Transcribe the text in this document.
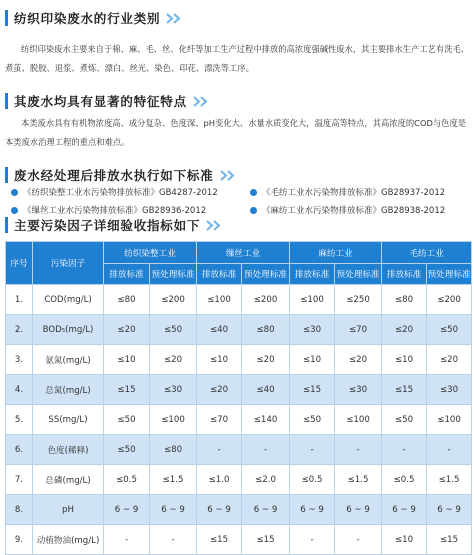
纺织印染废水的行业类别
纺织印染废水主要来自于棉、麻、毛、丝、化纤等加工生产过程中排放的高浓度强碱性废水，其主要排水生产工艺有洗毛、煮茧、脱胶、退浆、煮炼、漂白、丝光、染色、印花、漂洗等工序。
其废水均具有显著的特征特点
本类废水具有有机物浓度高、成分复杂、色度深、pH变化大、水量水质变化大，温度高等特点，其高浓度的COD与色度是本类废水治理工程的重点和难点。
废水经处理后排放水执行如下标准
《纺织染整工业水污染物排放标准》GB4287-2012	《毛纺工业水污染物排放标准》GB28937-2012
《缫丝工业水污染物排放标准》GB28936-2012	《麻纺工业水污染物排放标准》GB28938-2012
主要污染因子详细验收指标如下
序号	污染因子	纺织染整工业		缫丝工业		麻纺工业		毛纺工业	
		排放标准	预处理标准	排放标准	预处理标准	排放标准	预处理标准	排放标准	预处理标准
1.	COD(mg/L)	≤80	≤200	≤100	≤200	≤100	≤250	≤80	≤200
2.	BOD₅(mg/L)	≤20	≤50	≤40	≤80	≤30	≤70	≤20	≤50
3.	氨氮(mg/L)	≤10	≤20	≤10	≤20	≤10	≤20	≤10	≤20
4.	总氮(mg/L)	≤15	≤30	≤20	≤40	≤15	≤30	≤15	≤30
5.	SS(mg/L)	≤50	≤100	≤70	≤140	≤50	≤100	≤50	≤100
6.	色度(稀释)	≤50	≤80	-	-	-	-	-	-
7.	总磷(mg/L)	≤0.5	≤1.5	≤1.0	≤2.0	≤0.5	≤1.5	≤0.5	≤1.5
8.	pH	6 ~ 9	6 ~ 9	6 ~ 9	6 ~ 9	6 ~ 9	6 ~ 9	6 ~ 9	6 ~ 9
9.	动植物油(mg/L)	-	-	≤15	≤15	-	-	≤10	≤15
